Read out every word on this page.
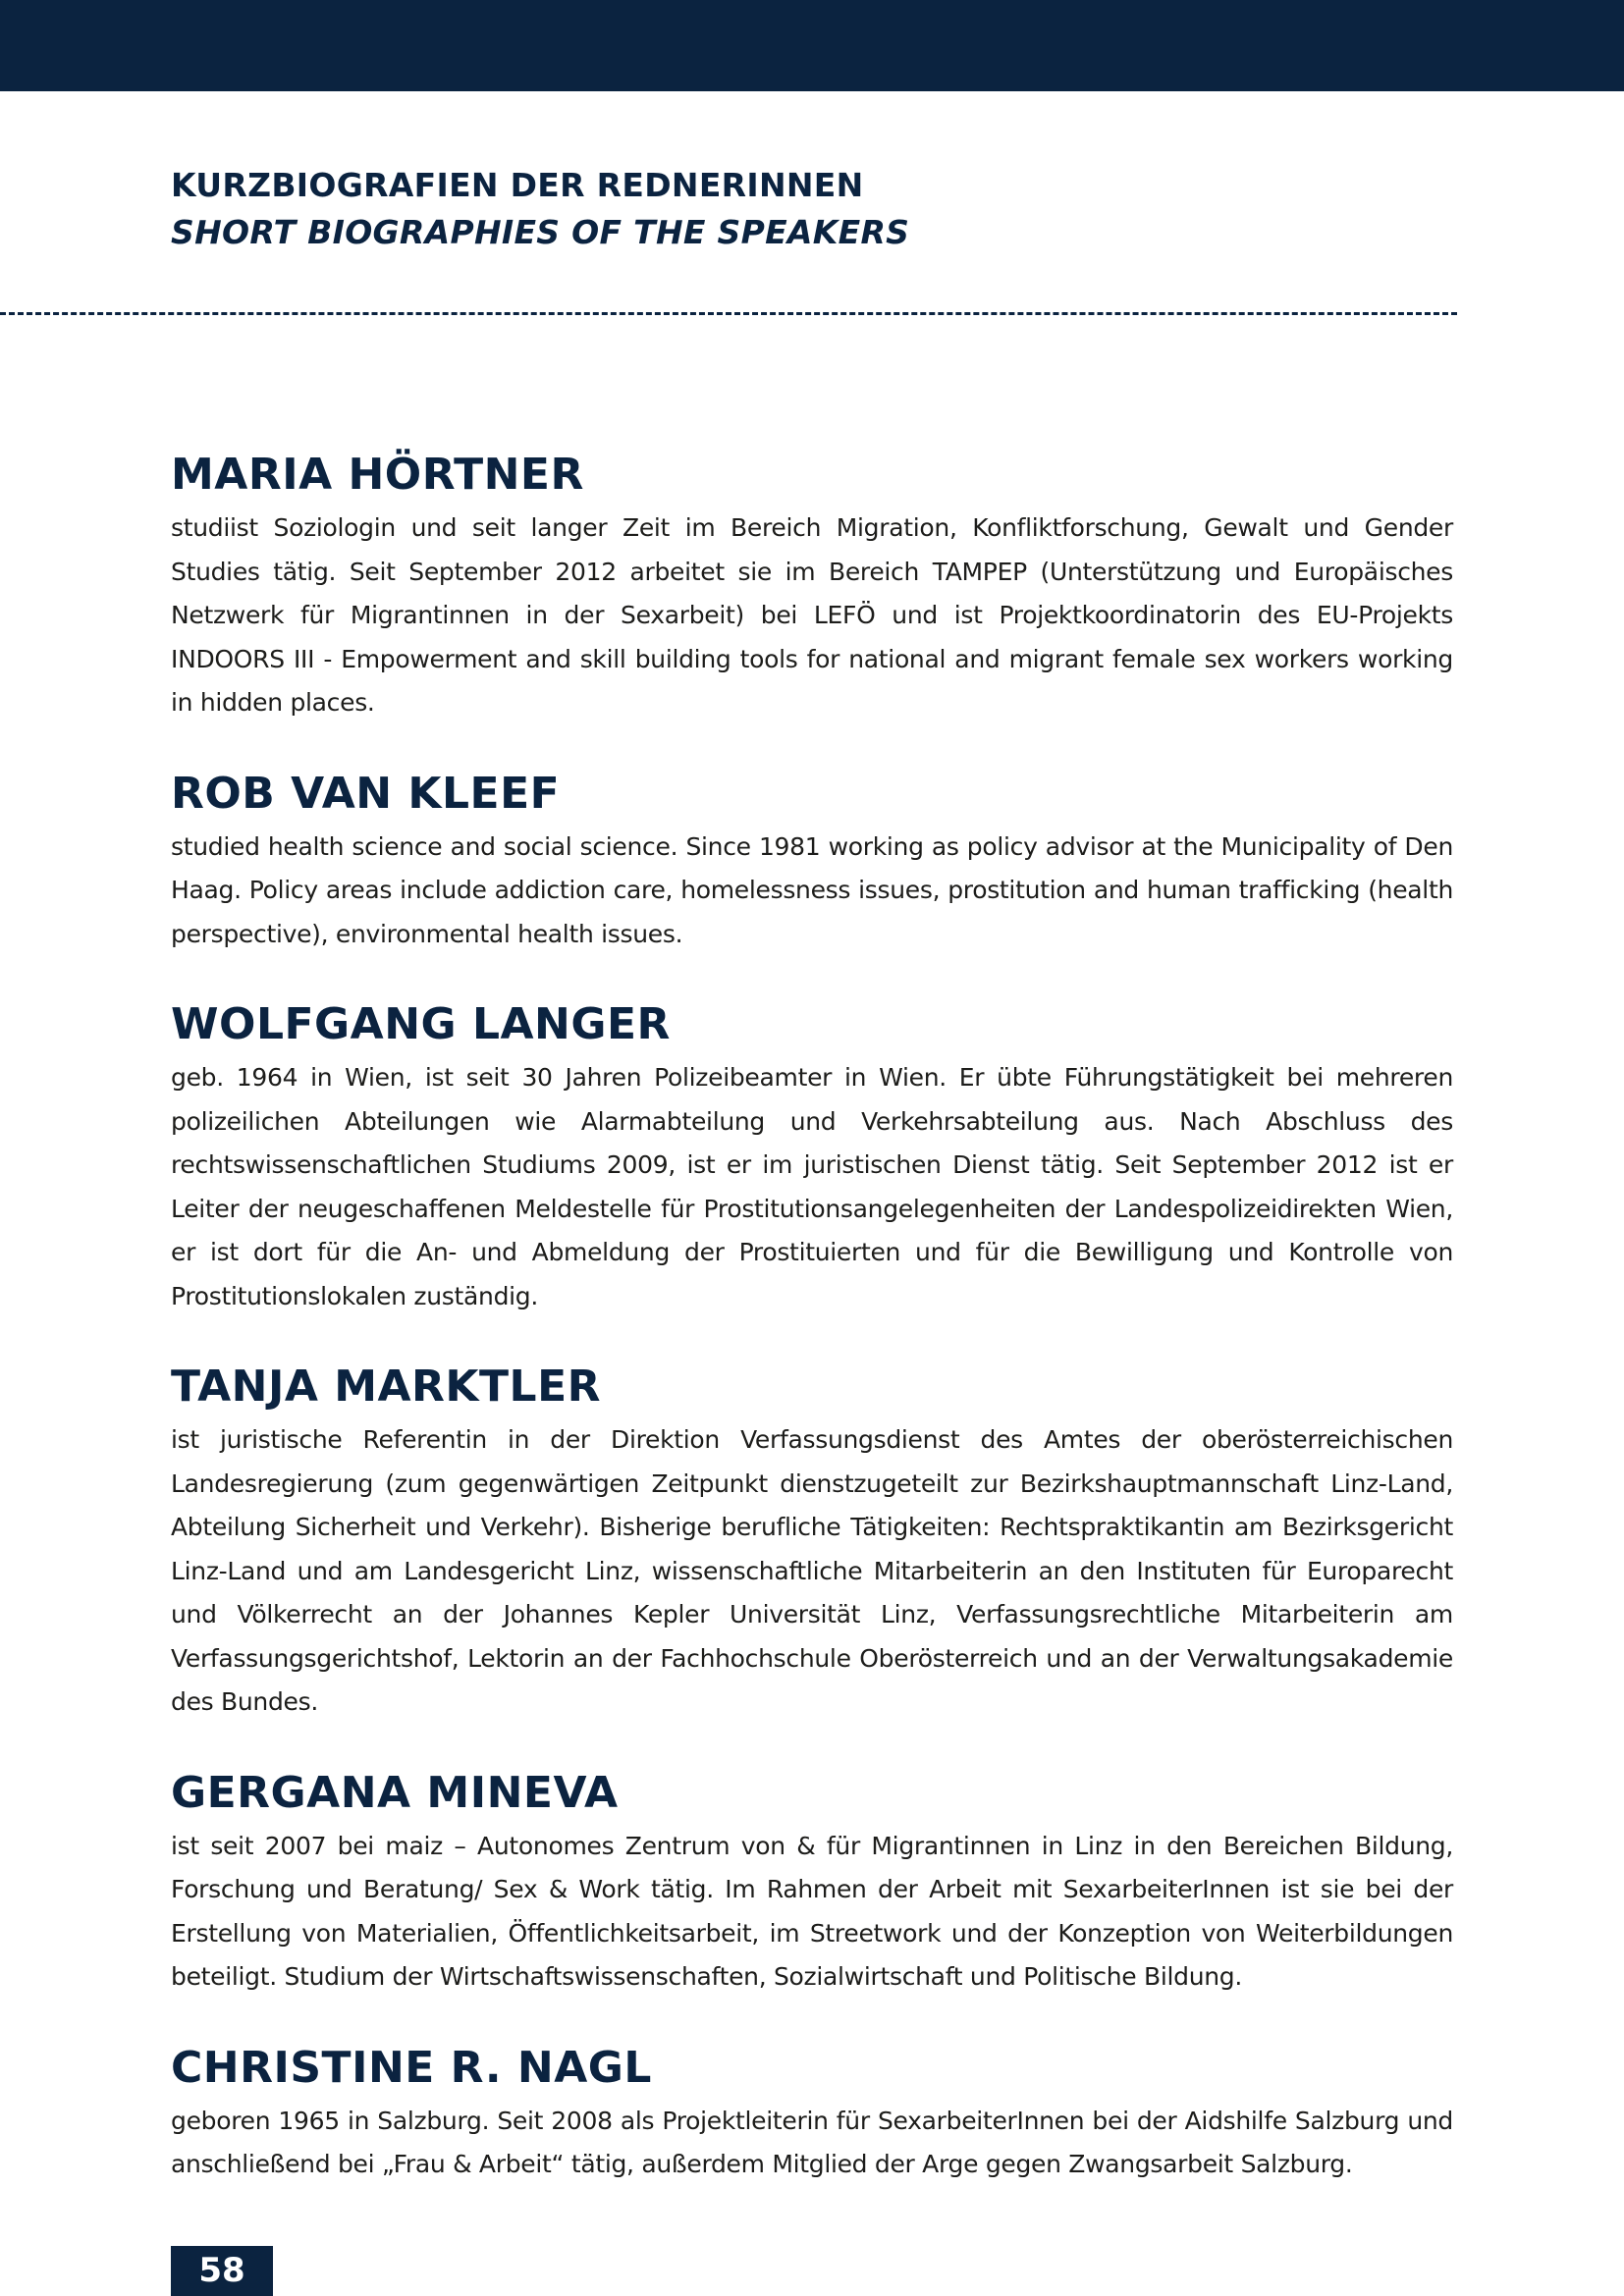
KURZBIOGRAFIEN DER REDNERINNEN
SHORT BIOGRAPHIES OF THE SPEAKERS
MARIA HÖRTNER
studiist Soziologin und seit langer Zeit im Bereich Migration, Konfliktforschung, Gewalt und Gender Studies tätig. Seit September 2012 arbeitet sie im Bereich TAMPEP (Unterstützung und Europäisches Netzwerk für Migrantinnen in der Sexarbeit) bei LEFÖ und ist Projektkoordinatorin des EU-Projekts INDOORS III - Empowerment and skill building tools for national and migrant female sex workers working in hidden places.
ROB VAN KLEEF
studied health science and social science. Since 1981 working as policy advisor at the Municipality of Den Haag. Policy areas include addiction care, homelessness issues, prostitution and human trafficking (health perspective), environmental health issues.
WOLFGANG LANGER
geb. 1964 in Wien, ist seit 30 Jahren Polizeibeamter in Wien. Er übte Führungstätigkeit bei mehreren polizeilichen Abteilungen wie Alarmabteilung und Verkehrsabteilung aus. Nach Abschluss des rechtswissenschaftlichen Studiums 2009, ist er im juristischen Dienst tätig. Seit September 2012 ist er Leiter der neugeschaffenen Meldestelle für Prostitutionsangelegenheiten der Landespolizeidirekten Wien, er ist dort für die An- und Abmeldung der Prostituierten und für die Bewilligung und Kontrolle von Prostitutionslokalen zuständig.
TANJA MARKTLER
ist juristische Referentin in der Direktion Verfassungsdienst des Amtes der oberösterreichischen Landesregierung (zum gegenwärtigen Zeitpunkt dienstzugeteilt zur Bezirkshauptmannschaft Linz-Land, Abteilung Sicherheit und Verkehr). Bisherige berufliche Tätigkeiten: Rechtspraktikantin am Bezirksgericht Linz-Land und am Landesgericht Linz, wissenschaftliche Mitarbeiterin an den Instituten für Europarecht und Völkerrecht an der Johannes Kepler Universität Linz, Verfassungsrechtliche Mitarbeiterin am Verfassungsgerichtshof, Lektorin an der Fachhochschule Oberösterreich und an der Verwaltungsakademie des Bundes.
GERGANA MINEVA
ist seit 2007 bei maiz – Autonomes Zentrum von & für Migrantinnen in Linz in den Bereichen Bildung, Forschung und Beratung/ Sex & Work tätig. Im Rahmen der Arbeit mit SexarbeiterInnen ist sie bei der Erstellung von Materialien, Öffentlichkeitsarbeit, im Streetwork und der Konzeption von Weiterbildungen beteiligt. Studium der Wirtschaftswissenschaften, Sozialwirtschaft und Politische Bildung.
CHRISTINE R. NAGL
geboren 1965 in Salzburg. Seit 2008 als Projektleiterin für SexarbeiterInnen bei der Aidshilfe Salzburg und anschließend bei „Frau & Arbeit“ tätig, außerdem Mitglied der Arge gegen Zwangsarbeit Salzburg.
58
